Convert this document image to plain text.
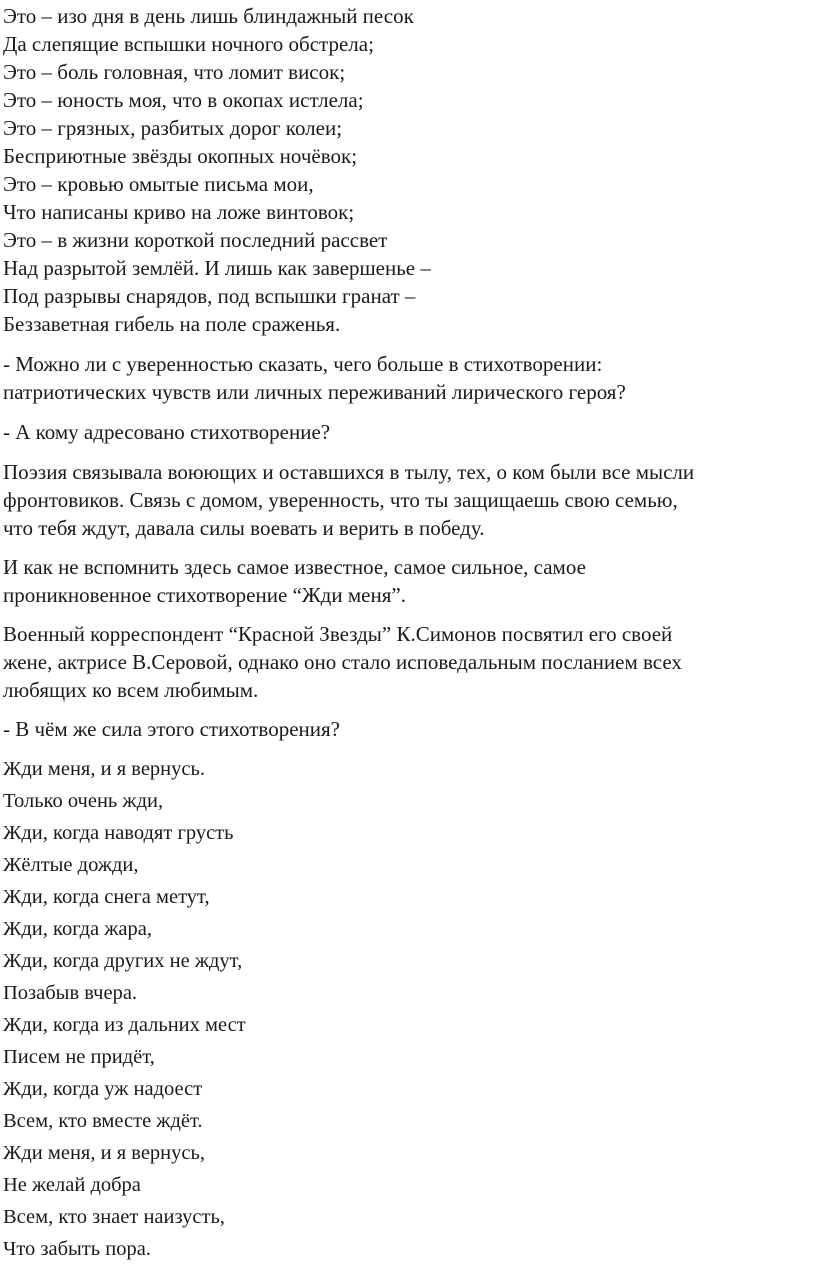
Это – изо дня в день лишь блиндажный песок
Да слепящие вспышки ночного обстрела;
Это – боль головная, что ломит висок;
Это – юность моя, что в окопах истлела;
Это – грязных, разбитых дорог колеи;
Бесприютные звёзды окопных ночёвок;
Это – кровью омытые письма мои,
Что написаны криво на ложе винтовок;
Это – в жизни короткой последний рассвет
Над разрытой землёй. И лишь как завершенье –
Под разрывы снарядов, под вспышки гранат –
Беззаветная гибель на поле сраженья.
- Можно ли с уверенностью сказать, чего больше в стихотворении:
патриотических чувств или личных переживаний лирического героя?
- А кому адресовано стихотворение?
Поэзия связывала воюющих и оставшихся в тылу, тех, о ком были все мысли
фронтовиков. Связь с домом, уверенность, что ты защищаешь свою семью,
что тебя ждут, давала силы воевать и верить в победу.
И как не вспомнить здесь самое известное, самое сильное, самое
проникновенное стихотворение “Жди меня”.
Военный корреспондент “Красной Звезды” К.Симонов посвятил его своей
жене, актрисе В.Серовой, однако оно стало исповедальным посланием всех
любящих ко всем любимым.
- В чём же сила этого стихотворения?
Жди меня, и я вернусь.
Только очень жди,
Жди, когда наводят грусть
Жёлтые дожди,
Жди, когда снега метут,
Жди, когда жара,
Жди, когда других не ждут,
Позабыв вчера.
Жди, когда из дальних мест
Писем не придёт,
Жди, когда уж надоест
Всем, кто вместе ждёт.
Жди меня, и я вернусь,
Не желай добра
Всем, кто знает наизусть,
Что забыть пора.
